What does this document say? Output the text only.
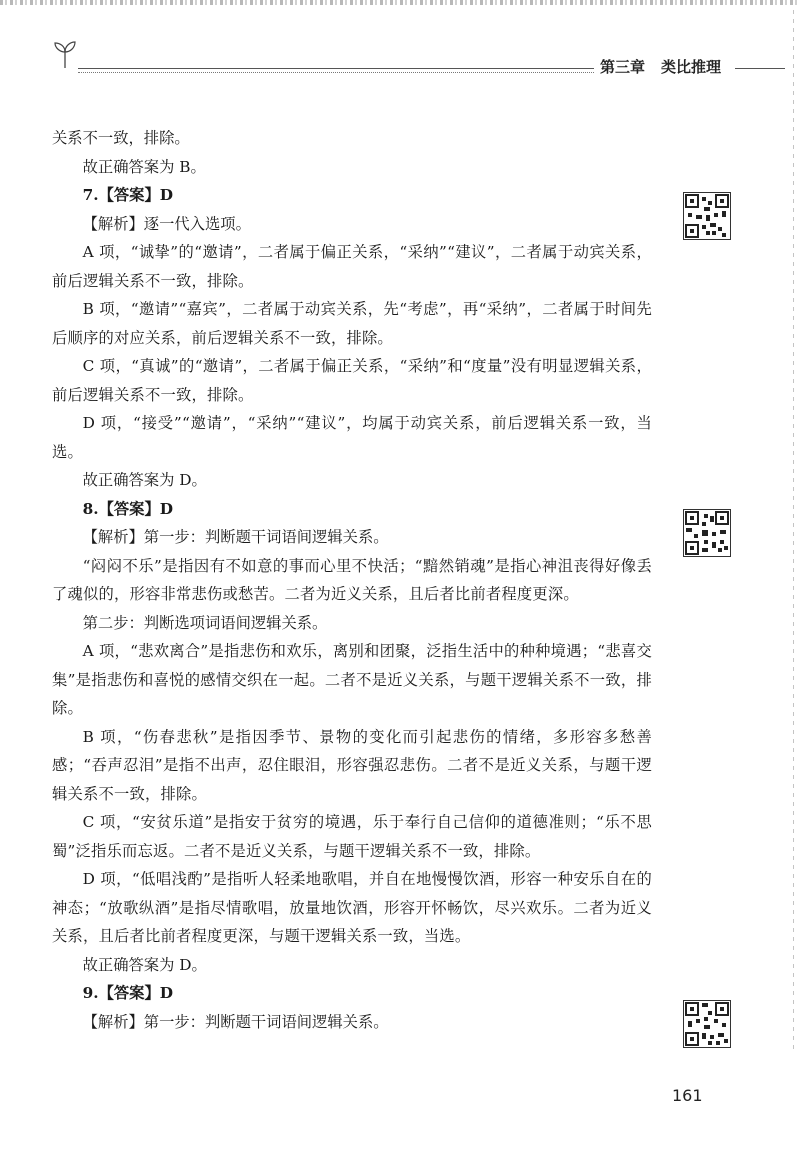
第三章 类比推理

关系不一致，排除。

故正确答案为 B。

7.【答案】D

【解析】逐一代入选项。

A 项，“诚挚”的“邀请”，二者属于偏正关系，“采纳”“建议”，二者属于动宾关系，前后逻辑关系不一致，排除。

B 项，“邀请”“嘉宾”，二者属于动宾关系，先“考虑”，再“采纳”，二者属于时间先后顺序的对应关系，前后逻辑关系不一致，排除。

C 项，“真诚”的“邀请”，二者属于偏正关系，“采纳”和“度量”没有明显逻辑关系，前后逻辑关系不一致，排除。

D 项，“接受”“邀请”，“采纳”“建议”，均属于动宾关系，前后逻辑关系一致，当选。

故正确答案为 D。

8.【答案】D

【解析】第一步：判断题干词语间逻辑关系。

“闷闷不乐”是指因有不如意的事而心里不快活；“黯然销魂”是指心神沮丧得好像丢了魂似的，形容非常悲伤或愁苦。二者为近义关系，且后者比前者程度更深。

第二步：判断选项词语间逻辑关系。

A 项，“悲欢离合”是指悲伤和欢乐，离别和团聚，泛指生活中的种种境遇；“悲喜交集”是指悲伤和喜悦的感情交织在一起。二者不是近义关系，与题干逻辑关系不一致，排除。

B 项，“伤春悲秋”是指因季节、景物的变化而引起悲伤的情绪，多形容多愁善感；“吞声忍泪”是指不出声，忍住眼泪，形容强忍悲伤。二者不是近义关系，与题干逻辑关系不一致，排除。

C 项，“安贫乐道”是指安于贫穷的境遇，乐于奉行自己信仰的道德准则；“乐不思蜀”泛指乐而忘返。二者不是近义关系，与题干逻辑关系不一致，排除。

D 项，“低唱浅酌”是指听人轻柔地歌唱，并自在地慢慢饮酒，形容一种安乐自在的神态；“放歌纵酒”是指尽情歌唱，放量地饮酒，形容开怀畅饮，尽兴欢乐。二者为近义关系，且后者比前者程度更深，与题干逻辑关系一致，当选。

故正确答案为 D。

9.【答案】D

【解析】第一步：判断题干词语间逻辑关系。

161
